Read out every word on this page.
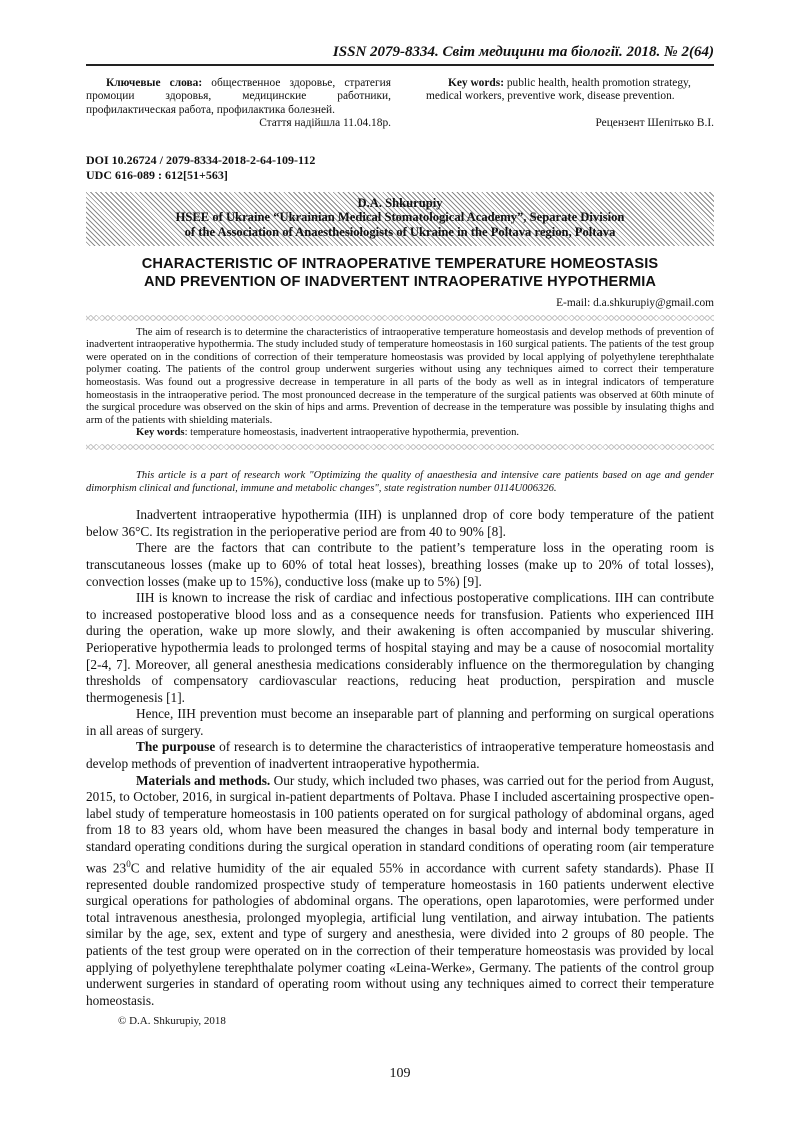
ISSN 2079-8334. Світ медицини та біології. 2018. № 2(64)
Ключевые слова: общественное здоровье, стратегия промоции здоровья, медицинские работники, профилактическая работа, профилактика болезней.
Стаття надійшла 11.04.18р.
Key words: public health, health promotion strategy, medical workers, preventive work, disease prevention.
Рецензент Шепітько В.І.
DOI 10.26724 / 2079-8334-2018-2-64-109-112
UDC 616-089 : 612[51+563]
D.A. Shkurupiy
HSEE of Ukraine “Ukrainian Medical Stomatological Academy”, Separate Division
of the Association of Anaesthesiologists of Ukraine in the Poltava region, Poltava
CHARACTERISTIC OF INTRAOPERATIVE TEMPERATURE HOMEOSTASIS
AND PREVENTION OF INADVERTENT INTRAOPERATIVE HYPOTHERMIA
E-mail: d.a.shkurupiy@gmail.com

The aim of research is to determine the characteristics of intraoperative temperature homeostasis and develop methods of prevention of inadvertent intraoperative hypothermia. The study included study of temperature homeostasis in 160 surgical patients. The patients of the test group were operated on in the conditions of correction of their temperature homeostasis was provided by local applying of polyethylene terephthalate polymer coating. The patients of the control group underwent surgeries without using any techniques aimed to correct their temperature homeostasis. Was found out a progressive decrease in temperature in all parts of the body as well as in integral indicators of temperature homeostasis in the intraoperative period. The most pronounced decrease in the temperature of the surgical patients was observed at 60th minute of the surgical procedure was observed on the skin of hips and arms. Prevention of decrease in the temperature was possible by insulating thighs and arm of the patients with shielding materials.

Key words: temperature homeostasis, inadvertent intraoperative hypothermia, prevention.

This article is a part of research work "Optimizing the quality of anaesthesia and intensive care patients based on age and gender dimorphism clinical and functional, immune and metabolic changes", state registration number 0114U006326.

Inadvertent intraoperative hypothermia (IIH) is unplanned drop of core body temperature of the patient below 36°C. Its registration in the perioperative period are from 40 to 90% [8].

There are the factors that can contribute to the patient’s temperature loss in the operating room is transcutaneous losses (make up to 60% of total heat losses), breathing losses (make up to 20% of total losses), convection losses (make up to 15%), conductive loss (make up to 5%) [9].

IIH is known to increase the risk of cardiac and infectious postoperative complications. IIH can contribute to increased postoperative blood loss and as a consequence needs for transfusion. Patients who experienced IIH during the operation, wake up more slowly, and their awakening is often accompanied by muscular shivering. Perioperative hypothermia leads to prolonged terms of hospital staying and may be a cause of nosocomial mortality [2-4, 7]. Moreover, all general anesthesia medications considerably influence on the thermoregulation by changing thresholds of compensatory cardiovascular reactions, reducing heat production, perspiration and muscle thermogenesis [1].

Hence, IIH prevention must become an inseparable part of planning and performing on surgical operations in all areas of surgery.

The purpouse of research is to determine the characteristics of intraoperative temperature homeostasis and develop methods of prevention of inadvertent intraoperative hypothermia.

Materials and methods. Our study, which included two phases, was carried out for the period from August, 2015, to October, 2016, in surgical in-patient departments of Poltava. Phase I included ascertaining prospective open-label study of temperature homeostasis in 100 patients operated on for surgical pathology of abdominal organs, aged from 18 to 83 years old, whom have been measured the changes in basal body and internal body temperature in standard operating conditions during the surgical operation in standard conditions of operating room (air temperature was $23^0C$ and relative humidity of the air equaled 55% in accordance with current safety standards). Phase II represented double randomized prospective study of temperature homeostasis in 160 patients underwent elective surgical operations for pathologies of abdominal organs. The operations, open laparotomies, were performed under total intravenous anesthesia, prolonged myoplegia, artificial lung ventilation, and airway intubation. The patients similar by the age, sex, extent and type of surgery and anesthesia, were divided into 2 groups of 80 people. The patients of the test group were operated on in the correction of their temperature homeostasis was provided by local applying of polyethylene terephthalate polymer coating «Leina-Werke», Germany. The patients of the control group underwent surgeries in standard of operating room without using any techniques aimed to correct their temperature homeostasis.

© D.A. Shkurupiy, 2018
109
